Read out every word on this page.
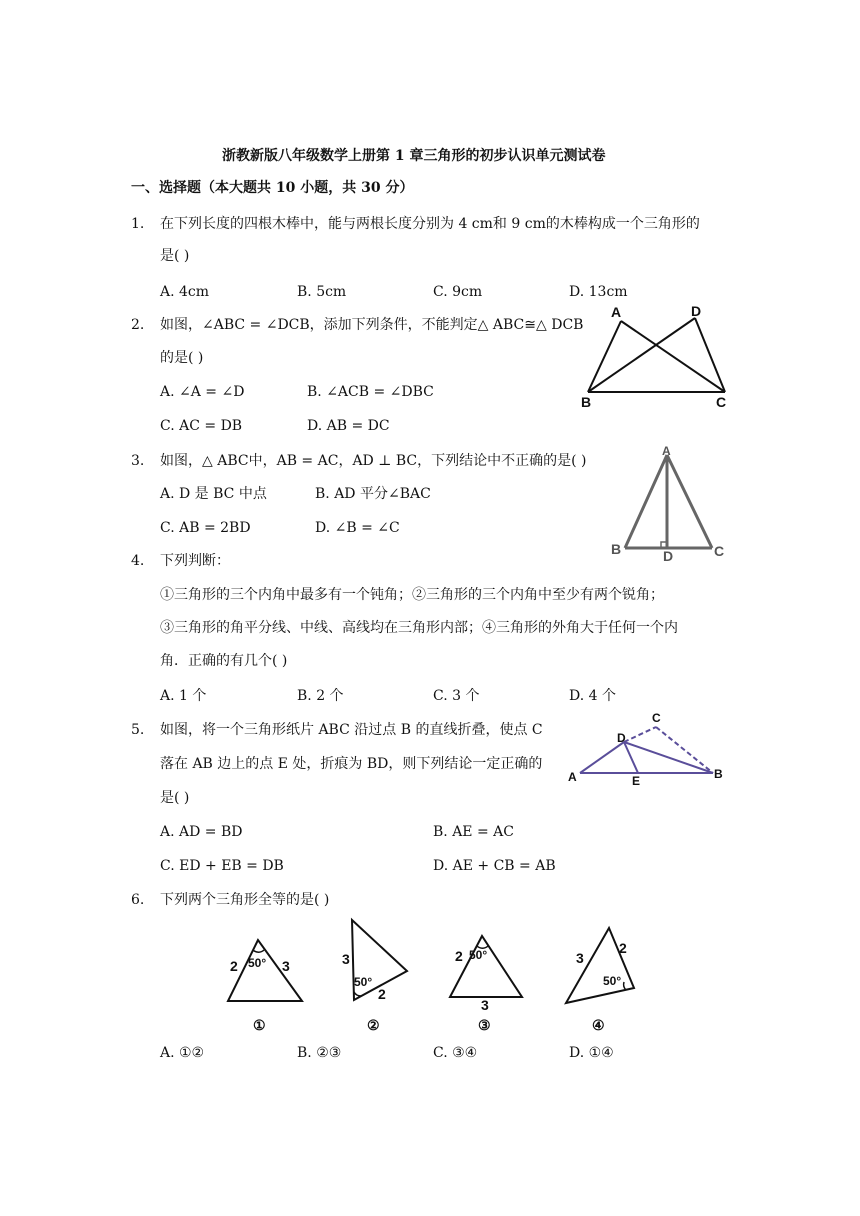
浙教新版八年级数学上册第 1 章三角形的初步认识单元测试卷
一、选择题（本大题共 10 小题，共 30 分）
1. 在下列长度的四根木棒中，能与两根长度分别为 4 cm和 9 cm的木棒构成一个三角形的
是( )
A. 4cm	B. 5cm	C. 9cm	D. 13cm
2. 如图，∠ABC = ∠DCB，添加下列条件，不能判定△ ABC≅△ DCB
的是( )
A. ∠A = ∠D	B. ∠ACB = ∠DBC
C. AC = DB	D. AB = DC
A	D
B	C
3. 如图，△ ABC中，AB = AC，AD ⊥ BC，下列结论中不正确的是( )
A. D 是 BC 中点	B. AD 平分∠BAC
C. AB = 2BD	D. ∠B = ∠C
A
B	D	C
4. 下列判断：
①三角形的三个内角中最多有一个钝角；②三角形的三个内角中至少有两个锐角；
③三角形的角平分线、中线、高线均在三角形内部；④三角形的外角大于任何一个内
角．正确的有几个( )
A. 1 个	B. 2 个	C. 3 个	D. 4 个
5. 如图，将一个三角形纸片 ABC 沿过点 B 的直线折叠，使点 C
落在 AB 边上的点 E 处，折痕为 BD，则下列结论一定正确的
是( )
A. AD = BD	B. AE = AC
C. ED + EB = DB	D. AE + CB = AB
C
D
A	E	B
6. 下列两个三角形全等的是( )
2 50° 3	3
50°
2
2 50°
3
3
2
50°
①	②	③	④
A. ①②	B. ②③	C. ③④	D. ①④
